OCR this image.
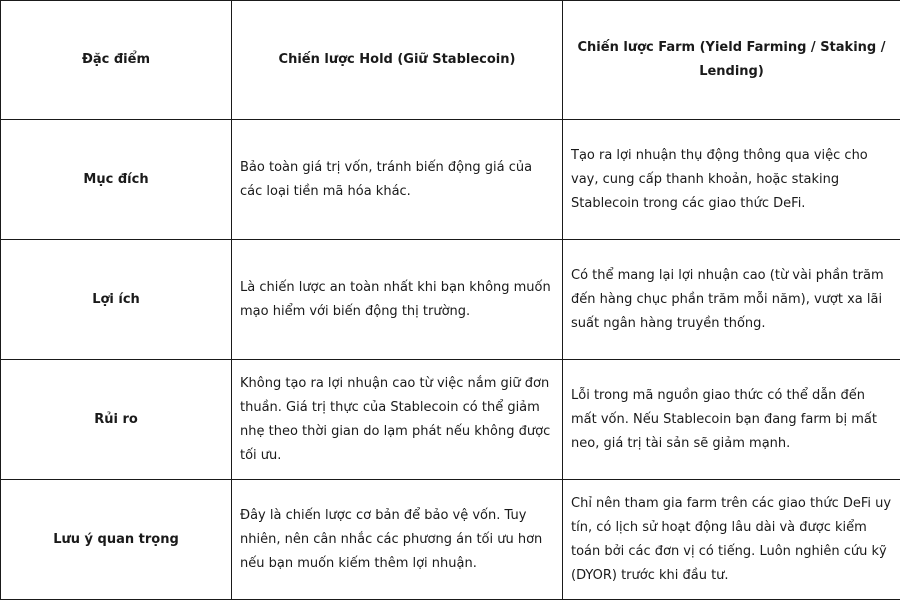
Đặc điểm	Chiến lược Hold (Giữ Stablecoin)	Chiến lược Farm (Yield Farming / Staking / Lending)
Mục đích	Bảo toàn giá trị vốn, tránh biến động giá của các loại tiền mã hóa khác.	Tạo ra lợi nhuận thụ động thông qua việc cho vay, cung cấp thanh khoản, hoặc staking Stablecoin trong các giao thức DeFi.
Lợi ích	Là chiến lược an toàn nhất khi bạn không muốn mạo hiểm với biến động thị trường.	Có thể mang lại lợi nhuận cao (từ vài phần trăm đến hàng chục phần trăm mỗi năm), vượt xa lãi suất ngân hàng truyền thống.
Rủi ro	Không tạo ra lợi nhuận cao từ việc nắm giữ đơn thuần. Giá trị thực của Stablecoin có thể giảm nhẹ theo thời gian do lạm phát nếu không được tối ưu.	Lỗi trong mã nguồn giao thức có thể dẫn đến mất vốn. Nếu Stablecoin bạn đang farm bị mất neo, giá trị tài sản sẽ giảm mạnh.
Lưu ý quan trọng	Đây là chiến lược cơ bản để bảo vệ vốn. Tuy nhiên, nên cân nhắc các phương án tối ưu hơn nếu bạn muốn kiếm thêm lợi nhuận.	Chỉ nên tham gia farm trên các giao thức DeFi uy tín, có lịch sử hoạt động lâu dài và được kiểm toán bởi các đơn vị có tiếng. Luôn nghiên cứu kỹ (DYOR) trước khi đầu tư.
